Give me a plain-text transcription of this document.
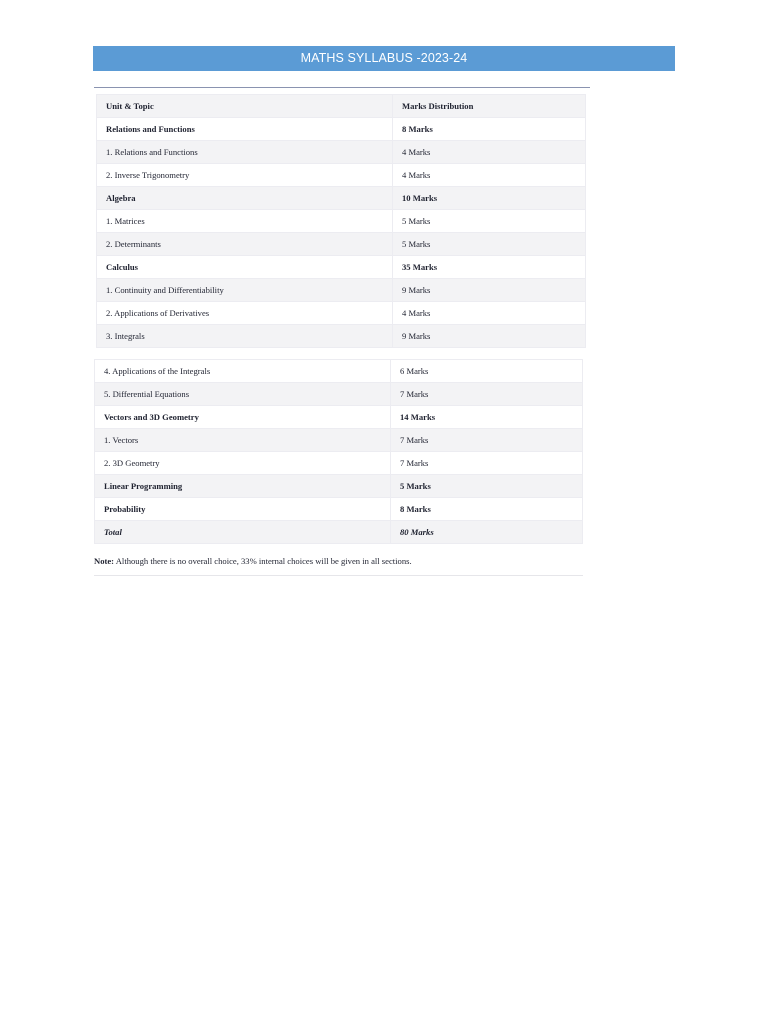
MATHS SYLLABUS -2023-24
Unit & Topic	Marks Distribution
Relations and Functions	8 Marks
1. Relations and Functions	4 Marks
2. Inverse Trigonometry	4 Marks
Algebra	10 Marks
1. Matrices	5 Marks
2. Determinants	5 Marks
Calculus	35 Marks
1. Continuity and Differentiability	9 Marks
2. Applications of Derivatives	4 Marks
3. Integrals	9 Marks
4. Applications of the Integrals	6 Marks
5. Differential Equations	7 Marks
Vectors and 3D Geometry	14 Marks
1. Vectors	7 Marks
2. 3D Geometry	7 Marks
Linear Programming	5 Marks
Probability	8 Marks
Total	80 Marks
Note: Although there is no overall choice, 33% internal choices will be given in all sections.
